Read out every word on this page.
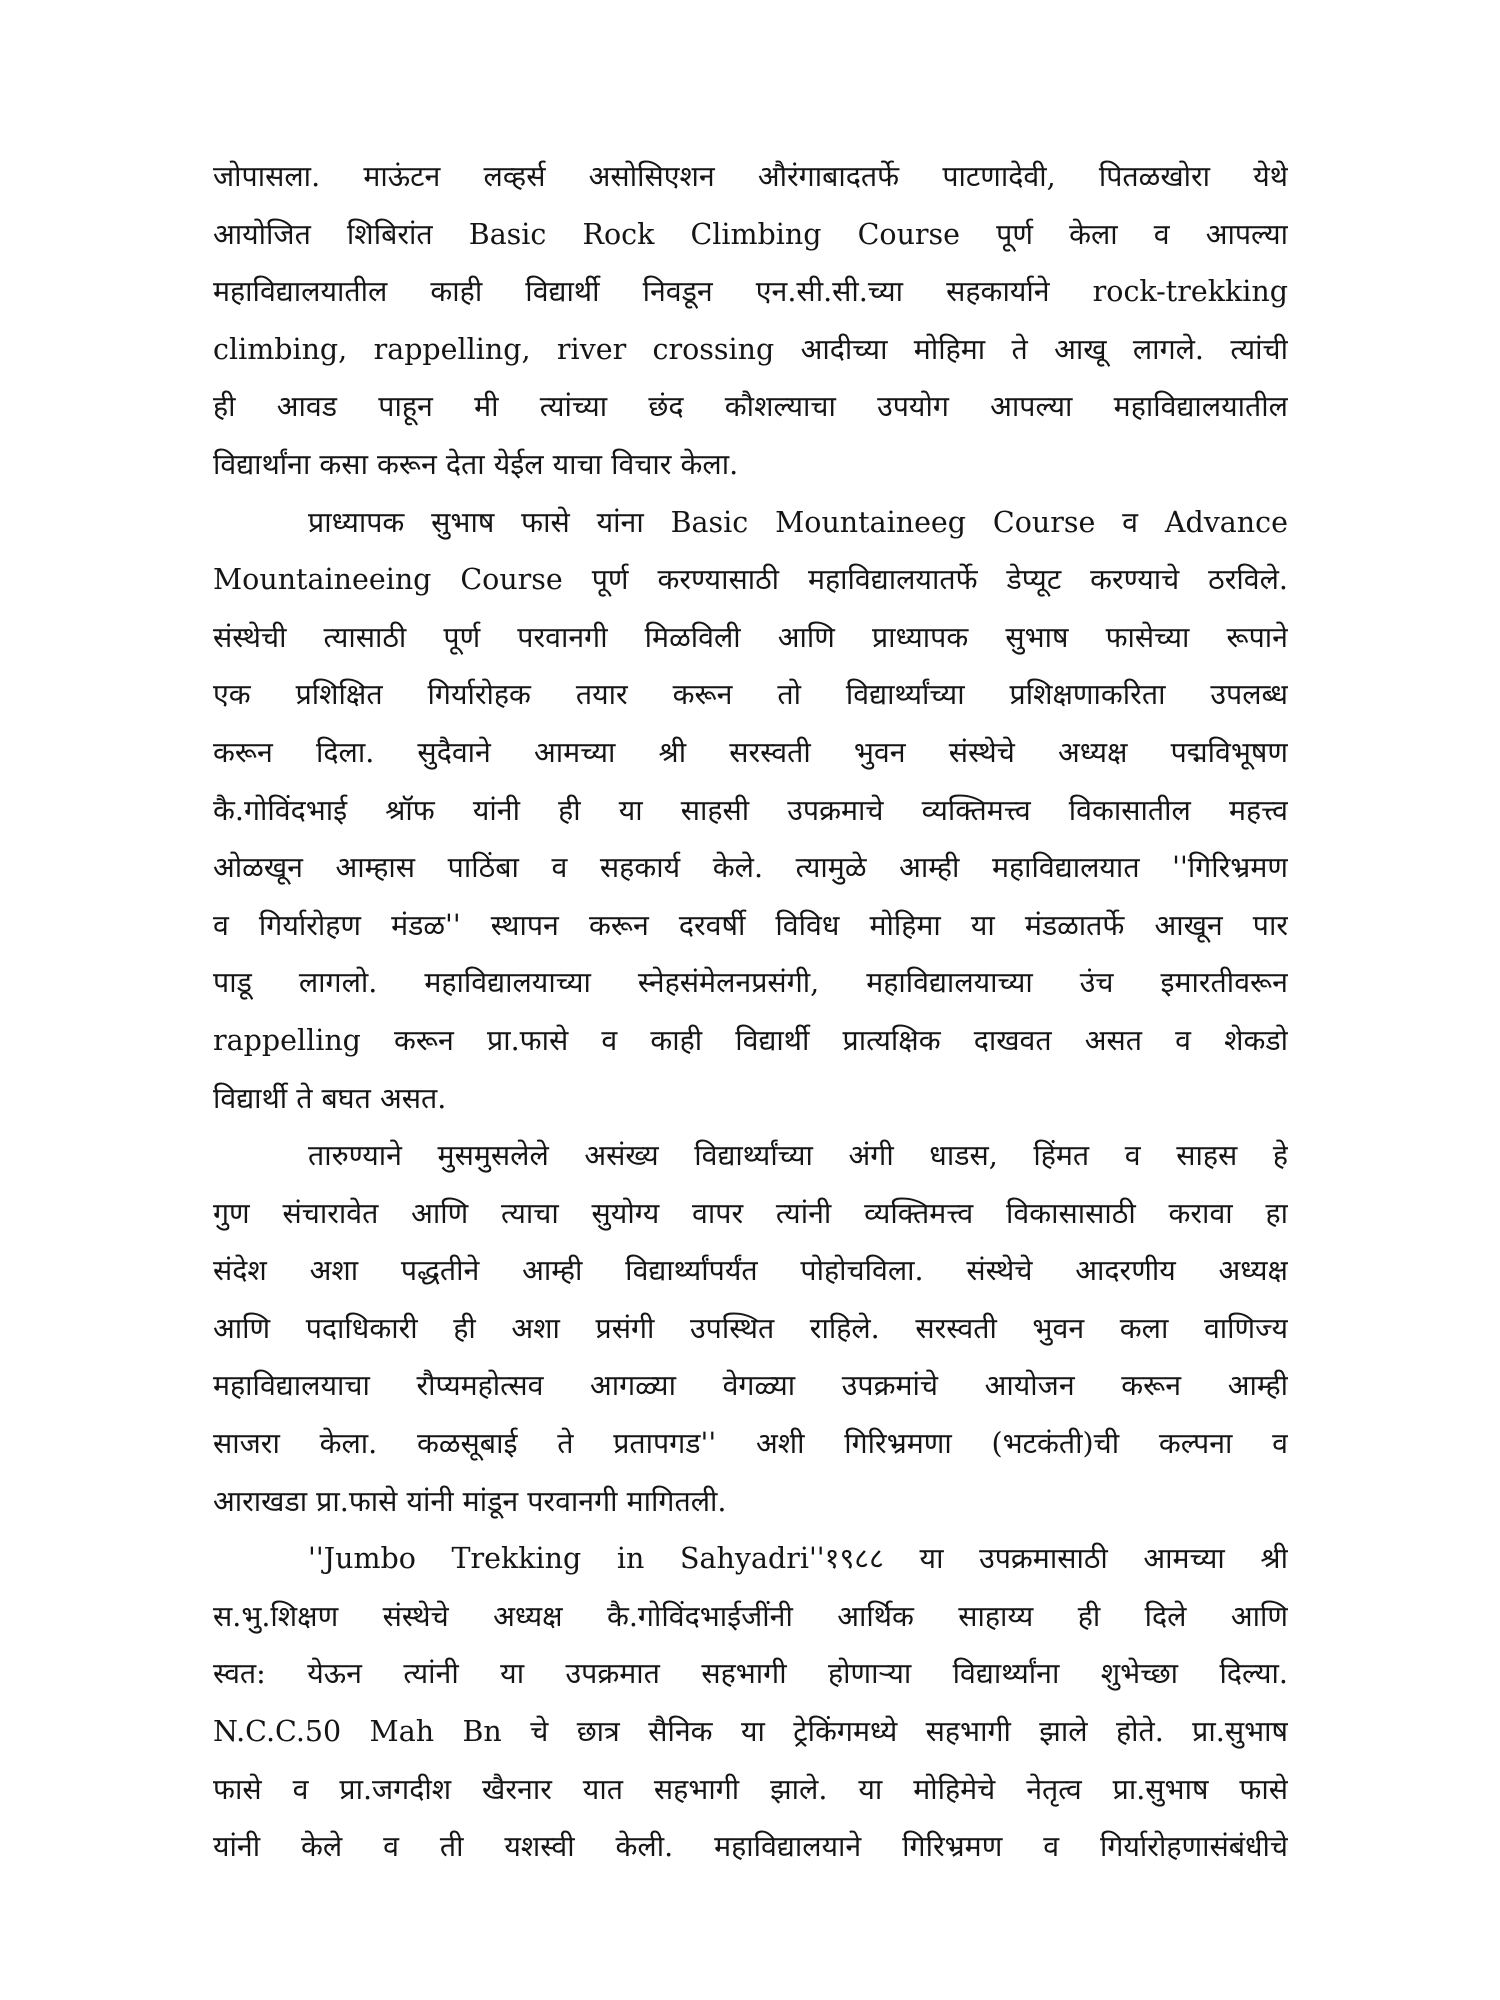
जोपासला. माऊंटन लव्हर्स असोसिएशन औरंगाबादतर्फे पाटणादेवी, पितळखोरा येथे
आयोजित शिबिरांत Basic Rock Climbing Course पूर्ण केला व आपल्या
महाविद्यालयातील काही विद्यार्थी निवडून एन.सी.सी.च्या सहकार्याने rock-trekking
climbing, rappelling, river crossing आदीच्या मोहिमा ते आखू लागले. त्यांची
ही आवड पाहून मी त्यांच्या छंद कौशल्याचा उपयोग आपल्या महाविद्यालयातील
विद्यार्थांना कसा करून देता येईल याचा विचार केला.
प्राध्यापक सुभाष फासे यांना Basic Mountaineeg Course व Advance
Mountaineeing Course पूर्ण करण्यासाठी महाविद्यालयातर्फे डेप्यूट करण्याचे ठरविले.
संस्थेची त्यासाठी पूर्ण परवानगी मिळविली आणि प्राध्यापक सुभाष फासेच्या रूपाने
एक प्रशिक्षित गिर्यारोहक तयार करून तो विद्यार्थ्यांच्या प्रशिक्षणाकरिता उपलब्ध
करून दिला. सुदैवाने आमच्या श्री सरस्वती भुवन संस्थेचे अध्यक्ष पद्मविभूषण
कै.गोविंदभाई श्रॉफ यांनी ही या साहसी उपक्रमाचे व्यक्तिमत्त्व विकासातील महत्त्व
ओळखून आम्हास पाठिंबा व सहकार्य केले. त्यामुळे आम्ही महाविद्यालयात ''गिरिभ्रमण
व गिर्यारोहण मंडळ'' स्थापन करून दरवर्षी विविध मोहिमा या मंडळातर्फे आखून पार
पाडू लागलो. महाविद्यालयाच्या स्नेहसंमेलनप्रसंगी, महाविद्यालयाच्या उंच इमारतीवरून
rappelling करून प्रा.फासे व काही विद्यार्थी प्रात्यक्षिक दाखवत असत व शेकडो
विद्यार्थी ते बघत असत.
तारुण्याने मुसमुसलेले असंख्य विद्यार्थ्यांच्या अंगी धाडस, हिंमत व साहस हे
गुण संचारावेत आणि त्याचा सुयोग्य वापर त्यांनी व्यक्तिमत्त्व विकासासाठी करावा हा
संदेश अशा पद्धतीने आम्ही विद्यार्थ्यांपर्यंत पोहोचविला. संस्थेचे आदरणीय अध्यक्ष
आणि पदाधिकारी ही अशा प्रसंगी उपस्थित राहिले. सरस्वती भुवन कला वाणिज्य
महाविद्यालयाचा रौप्यमहोत्सव आगळ्या वेगळ्या उपक्रमांचे आयोजन करून आम्ही
साजरा केला. कळसूबाई ते प्रतापगड'' अशी गिरिभ्रमणा (भटकंती)ची कल्पना व
आराखडा प्रा.फासे यांनी मांडून परवानगी मागितली.
''Jumbo Trekking in Sahyadri''१९८८ या उपक्रमासाठी आमच्या श्री
स.भु.शिक्षण संस्थेचे अध्यक्ष कै.गोविंदभाईजींनी आर्थिक साहाय्य ही दिले आणि
स्वत: येऊन त्यांनी या उपक्रमात सहभागी होणाऱ्या विद्यार्थ्यांना शुभेच्छा दिल्या.
N.C.C.50 Mah Bn चे छात्र सैनिक या ट्रेकिंगमध्ये सहभागी झाले होते. प्रा.सुभाष
फासे व प्रा.जगदीश खैरनार यात सहभागी झाले. या मोहिमेचे नेतृत्व प्रा.सुभाष फासे
यांनी केले व ती यशस्वी केली. महाविद्यालयाने गिरिभ्रमण व गिर्यारोहणासंबंधीचे
